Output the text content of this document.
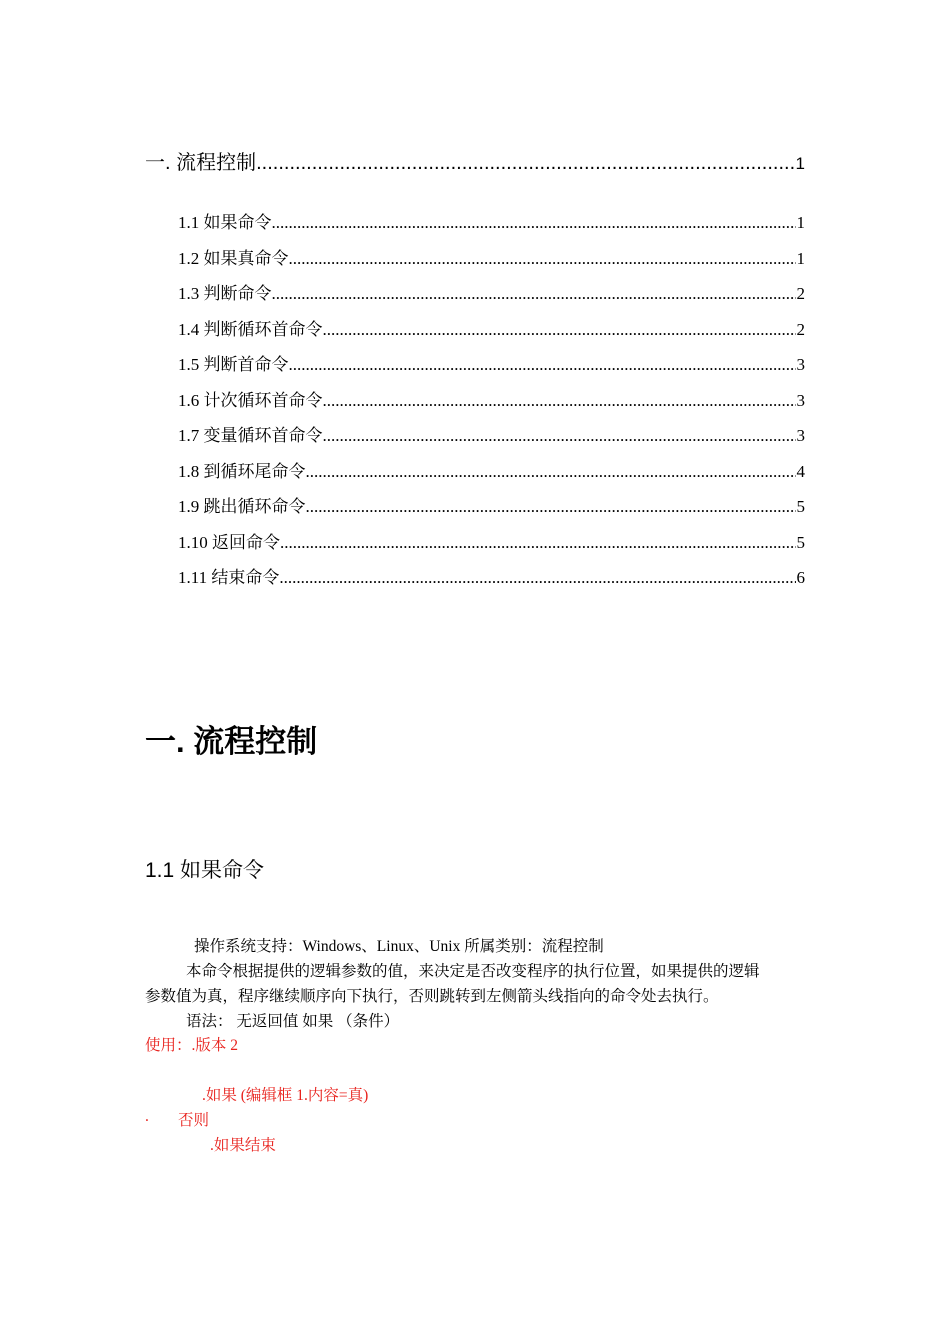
一. 流程控制 .....	1
1.1 如果命令 .....	1
1.2 如果真命令 .....	1
1.3 判断命令 .....	2
1.4 判断循环首命令 .....	2
1.5 判断首命令 .....	3
1.6 计次循环首命令 .....	3
1.7 变量循环首命令 .....	3
1.8 到循环尾命令 .....	4
1.9 跳出循环命令 .....	5
1.10 返回命令 .....	5
1.11 结束命令 .....	6
一. 流程控制
1.1 如果命令
操作系统支持：Windows、Linux、Unix 所属类别：流程控制
本命令根据提供的逻辑参数的值，来决定是否改变程序的执行位置，如果提供的逻辑
参数值为真，程序继续顺序向下执行，否则跳转到左侧箭头线指向的命令处去执行。
语法： 无返回值 如果 （条件）
使用：.版本 2
.如果 (编辑框 1.内容=真)
. 否则
.如果结束
